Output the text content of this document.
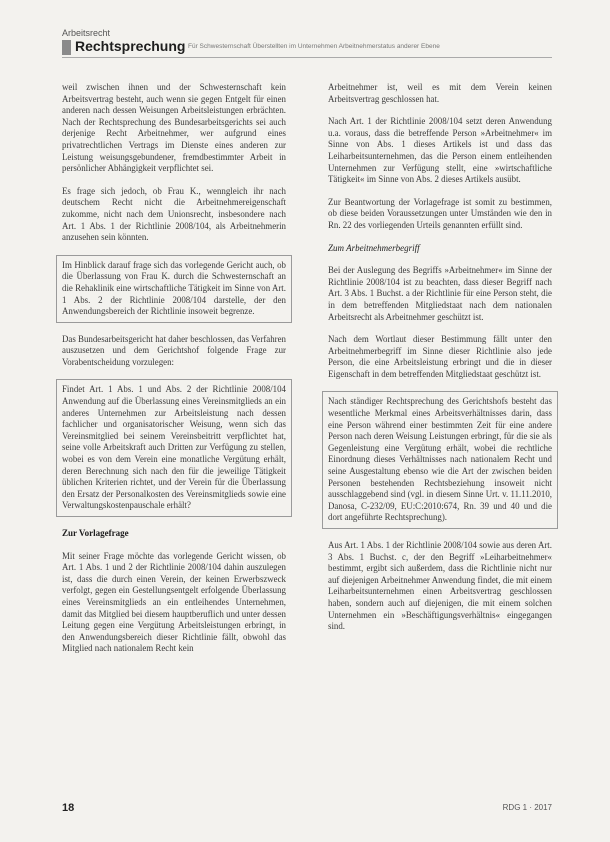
Arbeitsrecht
Rechtsprechung Für Schwesternschaft Überstellten im Unternehmen Arbeitnehmerstatus anderer Ebene

weil zwischen ihnen und der Schwesternschaft kein Arbeitsvertrag besteht, auch wenn sie gegen Entgelt für einen anderen nach dessen Weisungen Arbeitsleistungen erbrächten. Nach der Rechtsprechung des Bundesarbeitsgerichts sei auch derjenige Recht Arbeitnehmer, wer aufgrund eines privatrechtlichen Vertrags im Dienste eines anderen zur Leistung weisungsgebundener, fremdbestimmter Arbeit in persönlicher Abhängigkeit verpflichtet sei.

Es frage sich jedoch, ob Frau K., wenngleich ihr nach deutschem Recht nicht die Arbeitnehmereigenschaft zukomme, nicht nach dem Unionsrecht, insbesondere nach Art. 1 Abs. 1 der Richtlinie 2008/104, als Arbeitnehmerin anzusehen sein könnten.

Im Hinblick darauf frage sich das vorlegende Gericht auch, ob die Überlassung von Frau K. durch die Schwesternschaft an die Rehaklinik eine wirtschaftliche Tätigkeit im Sinne von Art. 1 Abs. 2 der Richtlinie 2008/104 darstelle, der den Anwendungsbereich der Richtlinie insoweit begrenze.

Das Bundesarbeitsgericht hat daher beschlossen, das Verfahren auszusetzen und dem Gerichtshof folgende Frage zur Vorabentscheidung vorzulegen:

Findet Art. 1 Abs. 1 und Abs. 2 der Richtlinie 2008/104 Anwendung auf die Überlassung eines Vereinsmitglieds an ein anderes Unternehmen zur Arbeitsleistung nach dessen fachlicher und organisatorischer Weisung, wenn sich das Vereinsmitglied bei seinem Vereinsbeitritt verpflichtet hat, seine volle Arbeitskraft auch Dritten zur Verfügung zu stellen, wobei es von dem Verein eine monatliche Vergütung erhält, deren Berechnung sich nach den für die jeweilige Tätigkeit üblichen Kriterien richtet, und der Verein für die Überlassung den Ersatz der Personalkosten des Vereinsmitglieds sowie eine Verwaltungskostenpauschale erhält?

Zur Vorlagefrage

Mit seiner Frage möchte das vorlegende Gericht wissen, ob Art. 1 Abs. 1 und 2 der Richtlinie 2008/104 dahin auszulegen ist, dass die durch einen Verein, der keinen Erwerbszweck verfolgt, gegen ein Gestellungsentgelt erfolgende Überlassung eines Vereinsmitglieds an ein entleihendes Unternehmen, damit das Mitglied bei diesem hauptberuflich und unter dessen Leitung gegen eine Vergütung Arbeitsleistungen erbringt, in den Anwendungsbereich dieser Richtlinie fällt, obwohl das Mitglied nach nationalem Recht kein

Arbeitnehmer ist, weil es mit dem Verein keinen Arbeitsvertrag geschlossen hat.

Nach Art. 1 der Richtlinie 2008/104 setzt deren Anwendung u.a. voraus, dass die betreffende Person »Arbeitnehmer« im Sinne von Abs. 1 dieses Artikels ist und dass das Leiharbeitsunternehmen, das die Person einem entleihenden Unternehmen zur Verfügung stellt, eine »wirtschaftliche Tätigkeit« im Sinne von Abs. 2 dieses Artikels ausübt.

Zur Beantwortung der Vorlagefrage ist somit zu bestimmen, ob diese beiden Voraussetzungen unter Umständen wie den in Rn. 22 des vorliegenden Urteils genannten erfüllt sind.

Zum Arbeitnehmerbegriff

Bei der Auslegung des Begriffs »Arbeitnehmer« im Sinne der Richtlinie 2008/104 ist zu beachten, dass dieser Begriff nach Art. 3 Abs. 1 Buchst. a der Richtlinie für eine Person steht, die in dem betreffenden Mitgliedstaat nach dem nationalen Arbeitsrecht als Arbeitnehmer geschützt ist.

Nach dem Wortlaut dieser Bestimmung fällt unter den Arbeitnehmerbegriff im Sinne dieser Richtlinie also jede Person, die eine Arbeitsleistung erbringt und die in dieser Eigenschaft in dem betreffenden Mitgliedstaat geschützt ist.

Nach ständiger Rechtsprechung des Gerichtshofs besteht das wesentliche Merkmal eines Arbeitsverhältnisses darin, dass eine Person während einer bestimmten Zeit für eine andere Person nach deren Weisung Leistungen erbringt, für die sie als Gegenleistung eine Vergütung erhält, wobei die rechtliche Einordnung dieses Verhältnisses nach nationalem Recht und seine Ausgestaltung ebenso wie die Art der zwischen beiden Personen bestehenden Rechtsbeziehung insoweit nicht ausschlaggebend sind (vgl. in diesem Sinne Urt. v. 11.11.2010, Danosa, C-232/09, EU:C:2010:674, Rn. 39 und 40 und die dort angeführte Rechtsprechung).

Aus Art. 1 Abs. 1 der Richtlinie 2008/104 sowie aus deren Art. 3 Abs. 1 Buchst. c, der den Begriff »Leiharbeitnehmer« bestimmt, ergibt sich außerdem, dass die Richtlinie nicht nur auf diejenigen Arbeitnehmer Anwendung findet, die mit einem Leiharbeitsunternehmen einen Arbeitsvertrag geschlossen haben, sondern auch auf diejenigen, die mit einem solchen Unternehmen ein »Beschäftigungsverhältnis« eingegangen sind.

18	RDG 1 · 2017
